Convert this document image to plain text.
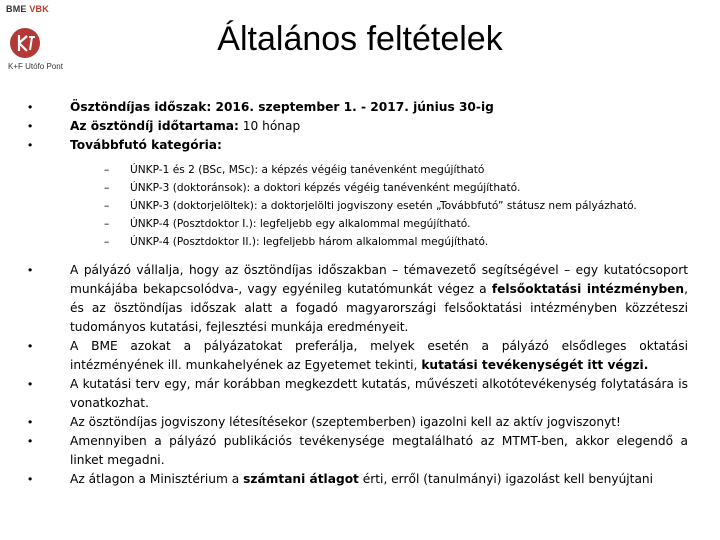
BME VBK
K+F Utófo Pont
Általános feltételek
• Ösztöndíjas időszak: 2016. szeptember 1. - 2017. június 30-ig
• Az ösztöndíj időtartama: 10 hónap
• Továbbfutó kategória:
– ÚNKP-1 és 2 (BSc, MSc): a képzés végéig tanévenként megújítható
– ÚNKP-3 (doktoránsok): a doktori képzés végéig tanévenként megújítható.
– ÚNKP-3 (doktorjelöltek): a doktorjelölti jogviszony esetén „Továbbfutó” státusz nem pályázható.
– ÚNKP-4 (Posztdoktor I.): legfeljebb egy alkalommal megújítható.
– ÚNKP-4 (Posztdoktor II.): legfeljebb három alkalommal megújítható.
• A pályázó vállalja, hogy az ösztöndíjas időszakban – témavezető segítségével – egy kutatócsoport munkájába bekapcsolódva-, vagy egyénileg kutatómunkát végez a felsőoktatási intézményben, és az ösztöndíjas időszak alatt a fogadó magyarországi felsőoktatási intézményben közzéteszi tudományos kutatási, fejlesztési munkája eredményeit.
• A BME azokat a pályázatokat preferálja, melyek esetén a pályázó elsődleges oktatási intézményének ill. munkahelyének az Egyetemet tekinti, kutatási tevékenységét itt végzi.
• A kutatási terv egy, már korábban megkezdett kutatás, művészeti alkotótevékenység folytatására is vonatkozhat.
• Az ösztöndíjas jogviszony létesítésekor (szeptemberben) igazolni kell az aktív jogviszonyt!
• Amennyiben a pályázó publikációs tevékenysége megtalálható az MTMT-ben, akkor elegendő a linket megadni.
• Az átlagon a Minisztérium a számtani átlagot érti, erről (tanulmányi) igazolást kell benyújtani
